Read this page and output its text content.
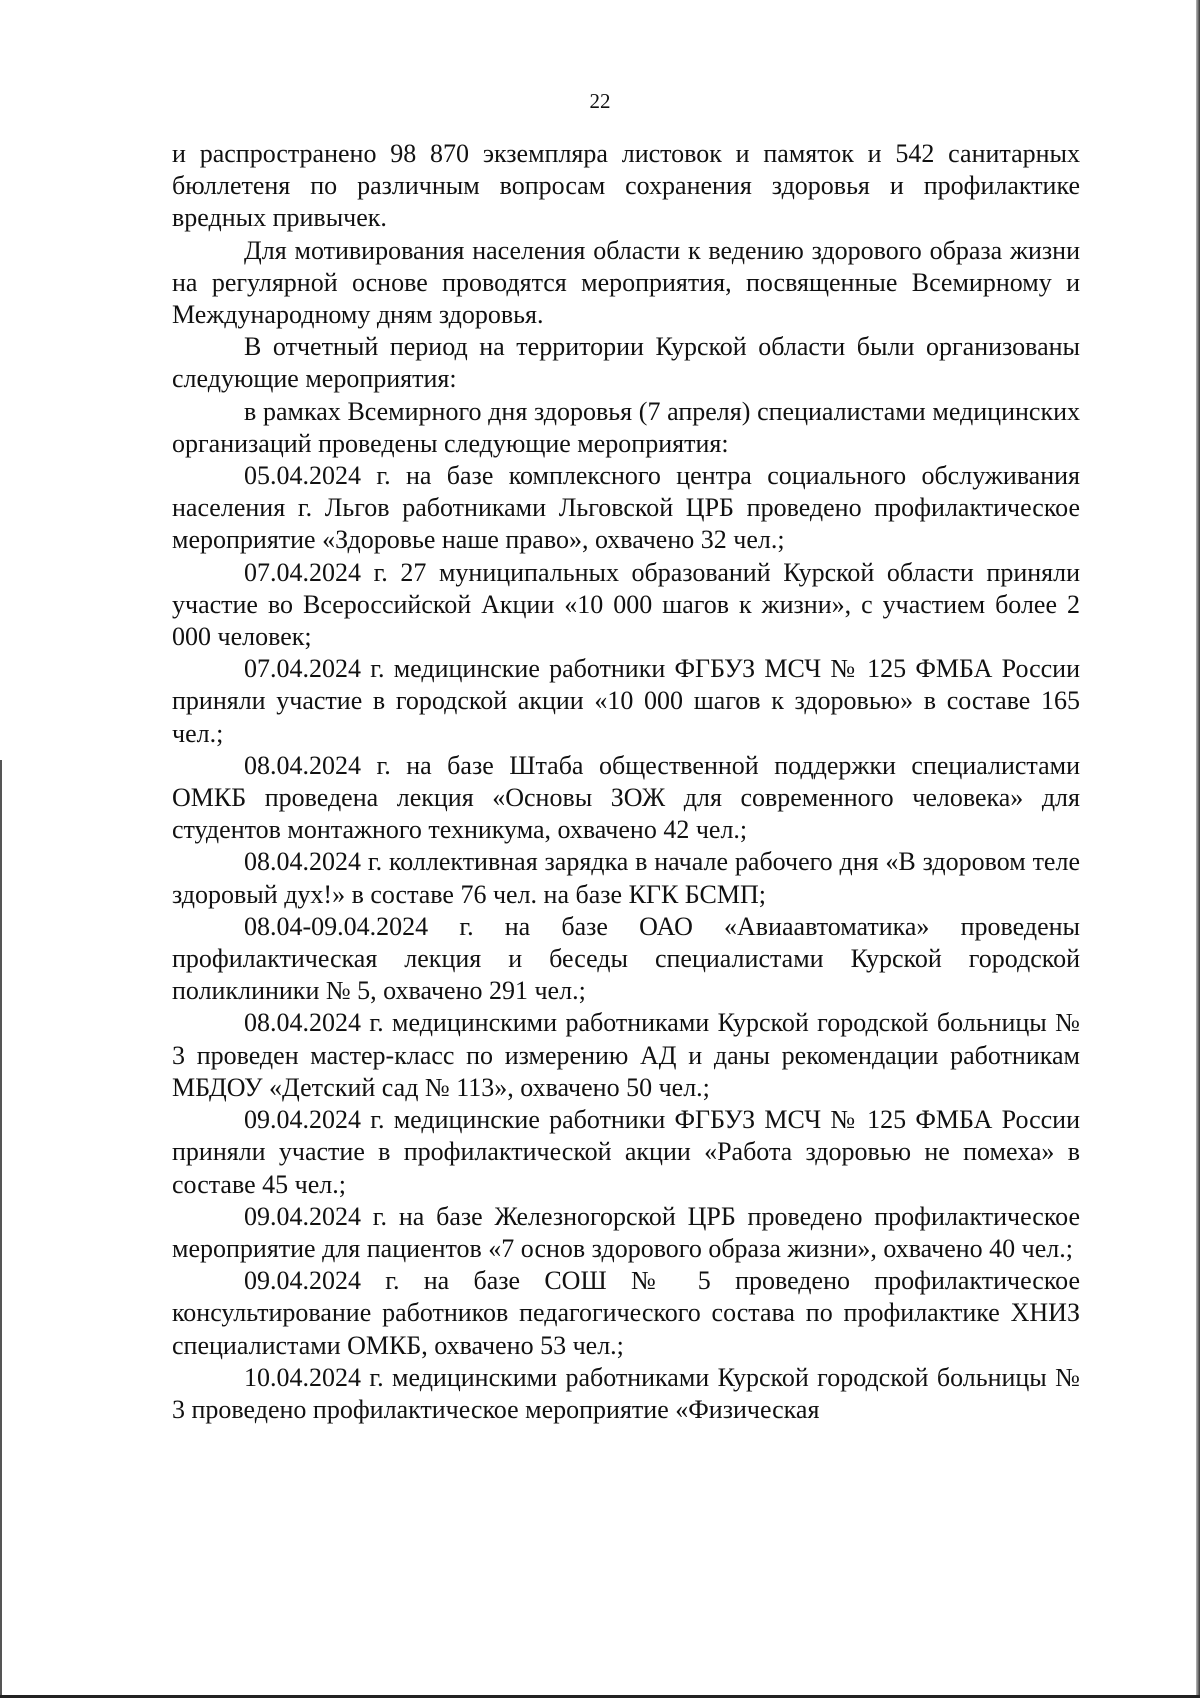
22

и распространено 98 870 экземпляра листовок и памяток и 542 санитарных бюллетеня по различным вопросам сохранения здоровья и профилактике вредных привычек.

Для мотивирования населения области к ведению здорового образа жизни на регулярной основе проводятся мероприятия, посвященные Всемирному и Международному дням здоровья.

В отчетный период на территории Курской области были организованы следующие мероприятия:

в рамках Всемирного дня здоровья (7 апреля) специалистами медицинских организаций проведены следующие мероприятия:

05.04.2024 г. на базе комплексного центра социального обслуживания населения г. Льгов работниками Льговской ЦРБ проведено профилактическое мероприятие «Здоровье наше право», охвачено 32 чел.;

07.04.2024 г. 27 муниципальных образований Курской области приняли участие во Всероссийской Акции «10 000 шагов к жизни», с участием более 2 000 человек;

07.04.2024 г. медицинские работники ФГБУЗ МСЧ № 125 ФМБА России приняли участие в городской акции «10 000 шагов к здоровью» в составе 165 чел.;

08.04.2024 г. на базе Штаба общественной поддержки специалистами ОМКБ проведена лекция «Основы ЗОЖ для современного человека» для студентов монтажного техникума, охвачено 42 чел.;

08.04.2024 г. коллективная зарядка в начале рабочего дня «В здоровом теле здоровый дух!» в составе 76 чел. на базе КГК БСМП;

08.04-09.04.2024 г. на базе ОАО «Авиаавтоматика» проведены профилактическая лекция и беседы специалистами Курской городской поликлиники № 5, охвачено 291 чел.;

08.04.2024 г. медицинскими работниками Курской городской больницы № 3 проведен мастер-класс по измерению АД и даны рекомендации работникам МБДОУ «Детский сад № 113», охвачено 50 чел.;

09.04.2024 г. медицинские работники ФГБУЗ МСЧ № 125 ФМБА России приняли участие в профилактической акции «Работа здоровью не помеха» в составе 45 чел.;

09.04.2024 г. на базе Железногорской ЦРБ проведено профилактическое мероприятие для пациентов «7 основ здорового образа жизни», охвачено 40 чел.;

09.04.2024 г. на базе СОШ № 5 проведено профилактическое консультирование работников педагогического состава по профилактике ХНИЗ специалистами ОМКБ, охвачено 53 чел.;

10.04.2024 г. медицинскими работниками Курской городской больницы № 3 проведено профилактическое мероприятие «Физическая
